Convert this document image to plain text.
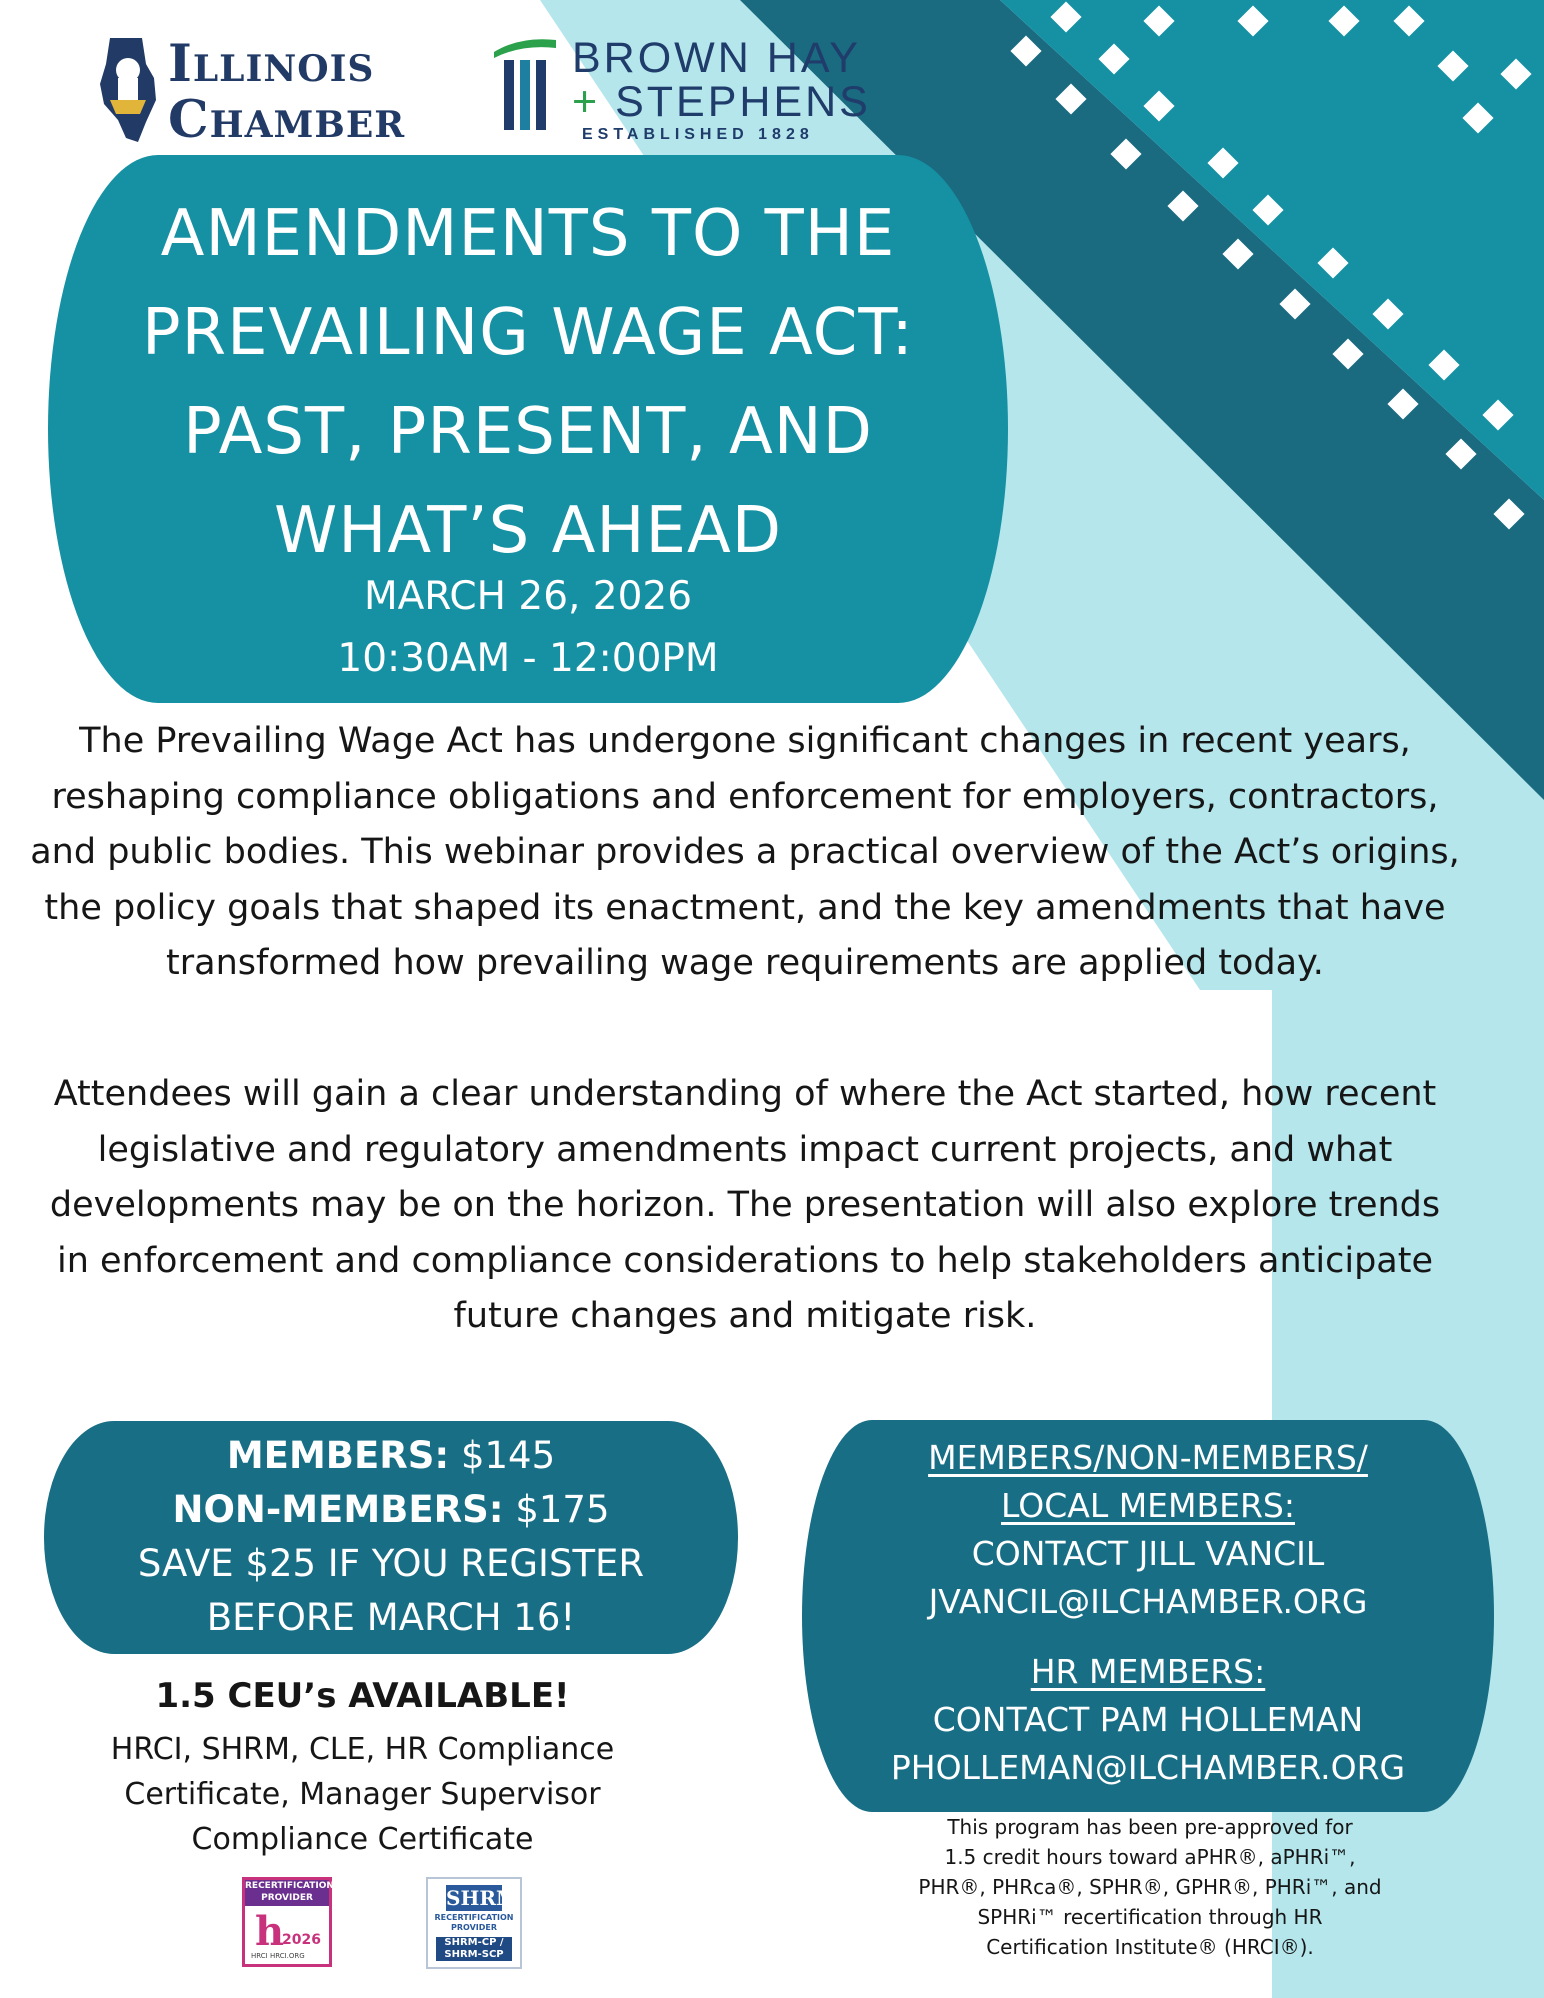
Illinois
Chamber
BROWN HAY
+ STEPHENS
ESTABLISHED 1828
AMENDMENTS TO THE
PREVAILING WAGE ACT:
PAST, PRESENT, AND
WHAT’S AHEAD
MARCH 26, 2026
10:30AM - 12:00PM
The Prevailing Wage Act has undergone significant changes in recent years, reshaping compliance obligations and enforcement for employers, contractors, and public bodies. This webinar provides a practical overview of the Act’s origins, the policy goals that shaped its enactment, and the key amendments that have transformed how prevailing wage requirements are applied today.
Attendees will gain a clear understanding of where the Act started, how recent legislative and regulatory amendments impact current projects, and what developments may be on the horizon. The presentation will also explore trends in enforcement and compliance considerations to help stakeholders anticipate future changes and mitigate risk.
MEMBERS: $145
NON-MEMBERS: $175
SAVE $25 IF YOU REGISTER
BEFORE MARCH 16!
MEMBERS/NON-MEMBERS/
LOCAL MEMBERS:
CONTACT JILL VANCIL
JVANCIL@ILCHAMBER.ORG
HR MEMBERS:
CONTACT PAM HOLLEMAN
PHOLLEMAN@ILCHAMBER.ORG
1.5 CEU’s AVAILABLE!
HRCI, SHRM, CLE, HR Compliance
Certificate, Manager Supervisor
Compliance Certificate
RECERTIFICATION PROVIDER
h
2026
HRCI HRCI.ORG
SHRM
RECERTIFICATION PROVIDER
SHRM-CP / SHRM-SCP
This program has been pre-approved for
1.5 credit hours toward aPHR®, aPHRi™,
PHR®, PHRca®, SPHR®, GPHR®, PHRi™, and
SPHRi™ recertification through HR
Certification Institute® (HRCI®).
